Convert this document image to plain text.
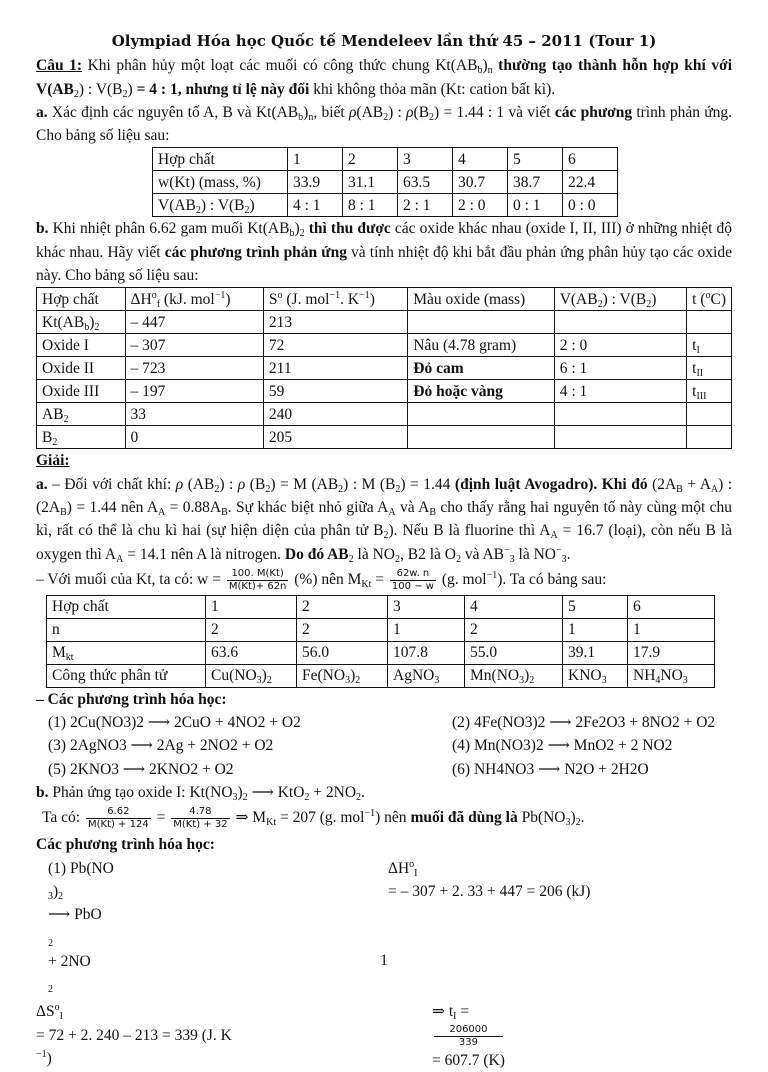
Olympiad Hóa học Quốc tế Mendeleev lần thứ 45 – 2011 (Tour 1)

Câu 1: Khi phân hủy một loạt các muối có công thức chung $Kt(AB_b)_n$ thường tạo thành hỗn hợp khí với $V(AB_2)$ : $V(B_2) = 4$ : 1, nhưng tỉ lệ này đổi khi không thỏa mãn (Kt: cation bất kì).

a. Xác định các nguyên tố A, B và $Kt(AB_b)_n$, biết $\rho(AB_2)$ : $\rho(B_2) = 1.44$ : 1 và viết các phương trình phản ứng. Cho bảng số liệu sau:

Hợp chất	1	2	3	4	5	6
w(Kt) (mass, %)	33.9	31.1	63.5	30.7	38.7	22.4
$V(AB_2)$ : $V(B_2)$	4 : 1	8 : 1	2 : 1	2 : 0	0 : 1	0 : 0

b. Khi nhiệt phân 6.62 gam muối $Kt(AB_b)_2$ thì thu được các oxide khác nhau (oxide I, II, III) ở những nhiệt độ khác nhau. Hãy viết các phương trình phản ứng và tính nhiệt độ khi bắt đầu phản ứng phân hủy tạo các oxide này. Cho bảng số liệu sau:

Hợp chất	$\Delta H^o_f$ (kJ. mol$^{-1}$)	$S^o$ (J. mol$^{-1}$. $K^{-1}$)	Màu oxide (mass)	$V(AB_2)$ : $V(B_2)$	t ($^o$C)
$Kt(AB_b)_2$	– 447	213			
Oxide I	– 307	72	Nâu (4.78 gram)	2 : 0	$t_I$
Oxide II	– 723	211	Đỏ cam	6 : 1	$t_{II}$
Oxide III	– 197	59	Đỏ hoặc vàng	4 : 1	$t_{III}$
$AB_2$	33	240			
$B_2$	0	205			

Giải:

a. – Đối với chất khí: ρ $(AB_2)$ : ρ $(B_2) = M$ $(AB_2)$ : M $(B_2) = 1.44$ (định luật Avogadro). Khi đó $(2A_B + A_A)$ : $(2A_B) = 1.44$ nên $A_A = 0.88A_B$. Sự khác biệt nhỏ giữa $A_A$ và $A_B$ cho thấy rằng hai nguyên tố này cùng một chu kì, rất có thể là chu kì hai (sự hiện diện của phân tử $B_2$). Nếu B là fluorine thì $A_A = 16.7$ (loại), còn nếu B là oxygen thì $A_A = 14.1$ nên A là nitrogen. Do đó $AB_2$ là $NO_2$, B2 là $O_2$ và $AB^-_3$ là $NO^-_3$.

– Với muối của Kt, ta có: $w = \frac{100. M(Kt)}{M(Kt)+ 62n}$ (%) nên $M_{Kt} = \frac{62w. n}{100 - w} (g$. mol$^{-1}$). Ta có bảng sau:

Hợp chất	1	2	3	4	5	6
n	2	2	1	2	1	1
$M_{kt}$	63.6	56.0	107.8	55.0	39.1	17.9
Công thức phân tử	$Cu(NO_3)_2$	$Fe(NO_3)_2$	AgNO$_3$	$Mn(NO_3)_2$	$KNO_3$	$NH_4NO_3$

– Các phương trình hóa học:

(1) 2Cu(NO3)2 ⟶ 2CuO + 4NO2 + O2	(2) 4Fe(NO3)2 ⟶ 2Fe2O3 + 8NO2 + O2
(3) 2AgNO3 ⟶ 2Ag + 2NO2 + O2	(4) Mn(NO3)2 ⟶ MnO2 + 2 NO2
(5) 2KNO3 ⟶ 2KNO2 + O2	(6) NH4NO3 ⟶ N2O + 2H2O

b. Phản ứng tạo oxide I: $Kt(NO_3)_2$ ⟶ $KtO_2 + 2NO_2$.

Ta có: $\frac{6.62}{M(Kt) + 124} = \frac{4.78}{M(Kt) + 32}$ ⇒ $M_{Kt} = 207$ (g. mol$^{-1}$) nên muối đã dùng là $Pb(NO_3)_2$.

Các phương trình hóa học:

(1) Pb(NO
$_3)_2$
⟶ PbO
$_2$
+ 2NO
$_2$
$\Delta H^o_I$
= – 307 + 2. 33 + 447 = 206 (kJ)
$\Delta S^o_I$
= 72 + 2. 240 – 213 = 339 (J. K
$^{-1}$)
⇒ $t_I$ =
206000
339
= 607.7 (K)
1
